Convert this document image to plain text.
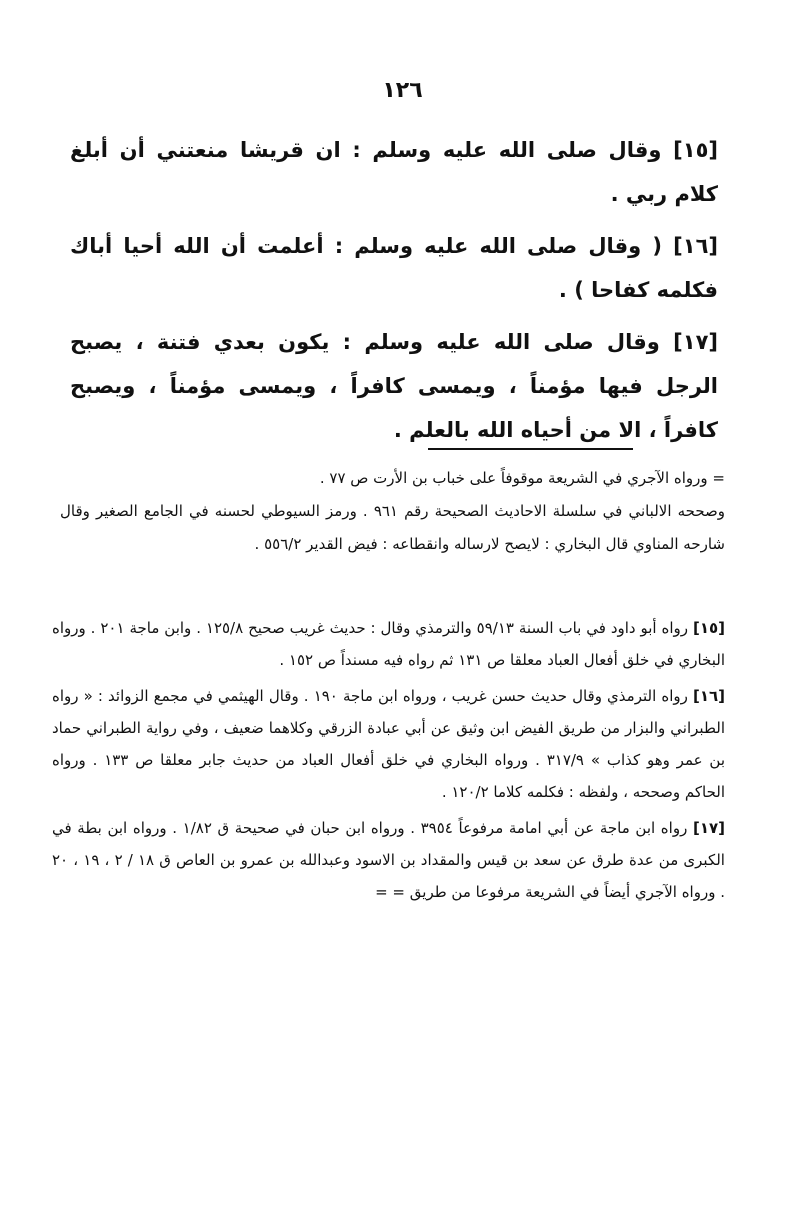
١٢٦

[١٥] وقال صلى الله عليه وسلم : ان قريشا منعتني أن أبلغ كلام ربي .

[١٦] ( وقال صلى الله عليه وسلم : أعلمت أن الله أحيا أباك فكلمه كفاحا ) .

[١٧] وقال صلى الله عليه وسلم : يكون بعدي فتنة ، يصبح الرجل فيها مؤمناً ، ويمسى كافراً ، ويمسى مؤمناً ، ويصبح كافراً ، الا من أحياه الله بالعلم .

= ورواه الآجري في الشريعة موقوفاً على خباب بن الأرت ص ٧٧ .

وصححه الالباني في سلسلة الاحاديث الصحيحة رقم ٩٦١ . ورمز السيوطي لحسنه في الجامع الصغير وقال شارحه المناوي قال البخاري : لايصح لارساله وانقطاعه : فيض القدير ٥٥٦/٢ .

[١٥] رواه أبو داود في باب السنة ٥٩/١٣ والترمذي وقال : حديث غريب صحيح ١٢٥/٨ . وابن ماجة ٢٠١ . ورواه البخاري في خلق أفعال العباد معلقا ص ١٣١ ثم رواه فيه مسنداً ص ١٥٢ .

[١٦] رواه الترمذي وقال حديث حسن غريب ، ورواه ابن ماجة ١٩٠ . وقال الهيثمي في مجمع الزوائد : « رواه الطبراني والبزار من طريق الفيض ابن وثيق عن أبي عبادة الزرقي وكلاهما ضعيف ، وفي رواية الطبراني حماد بن عمر وهو كذاب » ٣١٧/٩ . ورواه البخاري في خلق أفعال العباد من حديث جابر معلقا ص ١٣٣ . ورواه الحاكم وصححه ، ولفظه : فكلمه كلاما ١٢٠/٢ .

[١٧] رواه ابن ماجة عن أبي امامة مرفوعاً ٣٩٥٤ . ورواه ابن حبان في صحيحة ق ١/٨٢ . ورواه ابن بطة في الكبرى من عدة طرق عن سعد بن قيس والمقداد بن الاسود وعبدالله بن عمرو بن العاص ق ١٨ / ٢ ، ١٩ ، ٢٠ . ورواه الآجري أيضاً في الشريعة مرفوعا من طريق = =
